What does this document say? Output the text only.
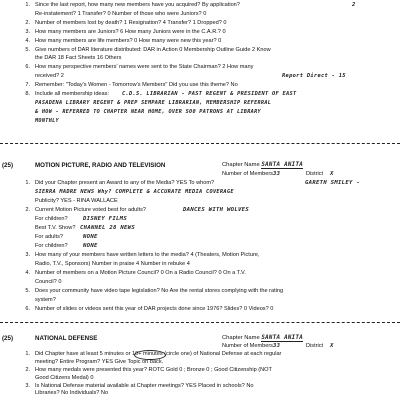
1. Since the last report, how many new members have you acquired? By application?	2
Re-instatement? 1 Transfer? 0 Number of those who were Juniors? 0
2. Number of members lost by death? 1 Resignation? 4 Transfer? 1 Dropped? 0
3. How many members are Juniors? 6 How many Juniors were in the C.A.R.? 0
4. How many members are life members? 0 How many were new this year? 0
5. Give numbers of DAR literature distributed: DAR in Action 0 Membership Outline Guide 2 Know
the DAR 18 Fact Sheets 16 Others
6. How many perspective members' names were sent to the State Chairman? 2 How many
received? 2	Report Direct - 15
7. Remember: "Today's Women - Tomorrow's Members" Did you use this theme? No
8. Include all membership ideas: C.D.S. LIBRARIAN - PAST REGENT & PRESIDENT OF EAST
PASADENA LIBRARY REGENT & PREP SEMPARE LIBRARIAN, MEMBERSHIP REFERRAL
& HOW - REFERRED TO CHAPTER NEAR HOME, OVER 500 PATRONS AT LIBRARY
MONTHLY
(25)	MOTION PICTURE, RADIO AND TELEVISION	Chapter Name SANTA ANITA
Number of Members 33	District X
1. Did your Chapter present an Award to any of the Media? YES To whom?	GARETH SMILEY -
SIERRA MADRE NEWS Why? COMPLETE & ACCURATE MEDIA COVERAGE
Publicity? YES - RINA WALLACE
2. Current Motion Picture voted best for adults?	DANCES WITH WOLVES
For children?	DISNEY FILMS
Best T.V. Show? CHANNEL 28 NEWS
For adults?	NONE
For children?	NONE
3. How many of your members have written letters to the media? 4 (Theaters, Motion Picture,
Radio, T.V., Sponsors) Number in praise 4 Number in rebuke 4
4. Number of members on a Motion Picture Council? 0 On a Radio Council? 0 On a T.V.
Council? 0
5. Does your community have video tape legislation? No Are the rental stores complying with the rating
system?
6. Number of slides or videos sent this year of DAR projects done since 1976? Slides? 0 Videos? 0
(25)	NATIONAL DEFENSE	Chapter Name SANTA ANITA
Number of Members 33	District X
1. Did Chapter have at least 5 minutes or 10+ minutes (circle one) of National Defense at each regular
meeting? Entire Program? YES Give Topic on back.
2. How many medals were presented this year? ROTC Gold 0 ; Bronze 0 ; Good Citizenship (NOT
Good Citizens Medal) 0
3. Is National Defense material available at Chapter meetings? YES Placed in schools? No
Libraries? No Individuals? No
